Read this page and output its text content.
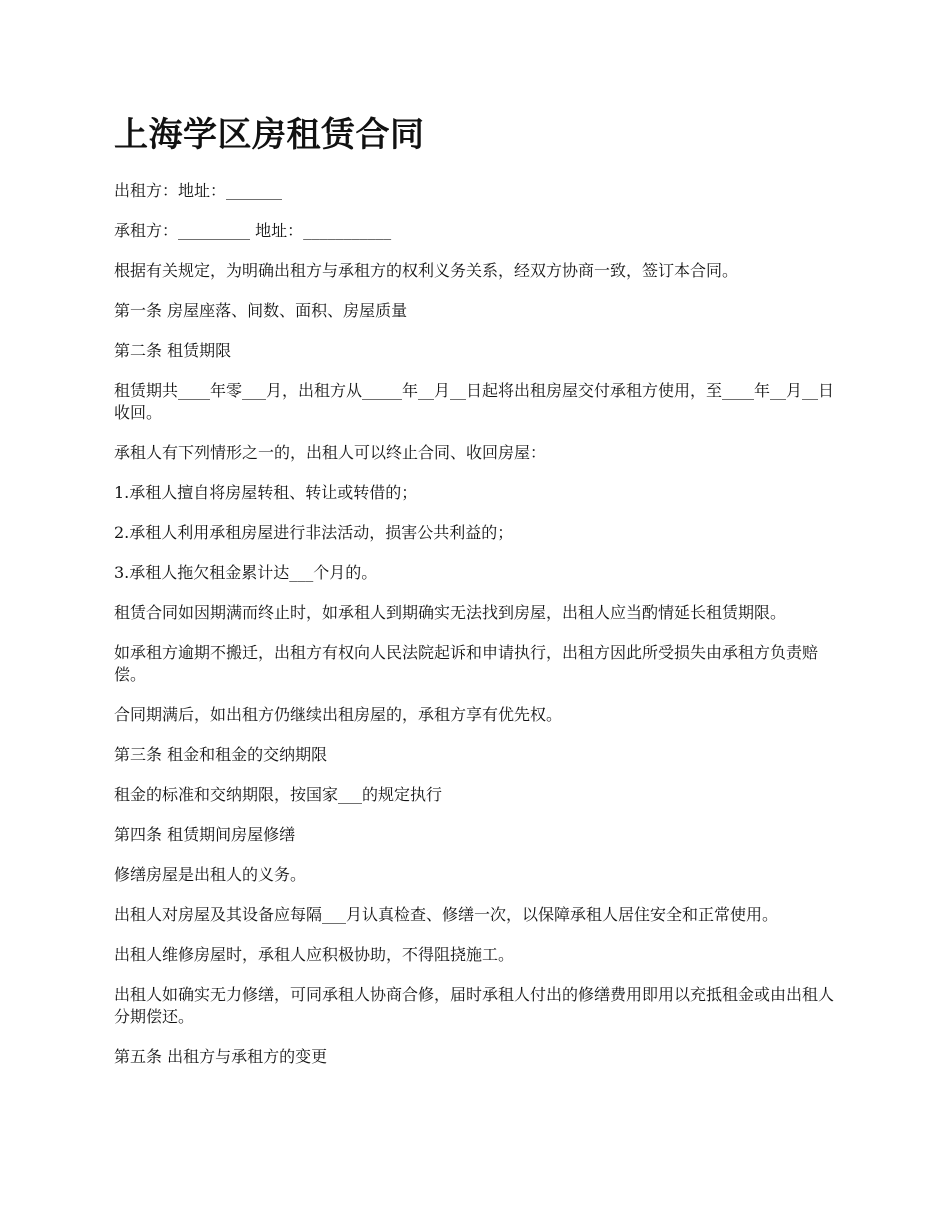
上海学区房租赁合同

出租方：地址：_______

承租方：_________ 地址：___________

根据有关规定，为明确出租方与承租方的权利义务关系，经双方协商一致，签订本合同。

第一条 房屋座落、间数、面积、房屋质量

第二条 租赁期限

租赁期共____年零___月，出租方从_____年__月__日起将出租房屋交付承租方使用，至____年__月__日收回。

承租人有下列情形之一的，出租人可以终止合同、收回房屋：

1.承租人擅自将房屋转租、转让或转借的；

2.承租人利用承租房屋进行非法活动，损害公共利益的；

3.承租人拖欠租金累计达___个月的。

租赁合同如因期满而终止时，如承租人到期确实无法找到房屋，出租人应当酌情延长租赁期限。

如承租方逾期不搬迁，出租方有权向人民法院起诉和申请执行，出租方因此所受损失由承租方负责赔偿。

合同期满后，如出租方仍继续出租房屋的，承租方享有优先权。

第三条 租金和租金的交纳期限

租金的标准和交纳期限，按国家___的规定执行

第四条 租赁期间房屋修缮

修缮房屋是出租人的义务。

出租人对房屋及其设备应每隔___月认真检查、修缮一次，以保障承租人居住安全和正常使用。

出租人维修房屋时，承租人应积极协助，不得阻挠施工。

出租人如确实无力修缮，可同承租人协商合修，届时承租人付出的修缮费用即用以充抵租金或由出租人分期偿还。

第五条 出租方与承租方的变更
